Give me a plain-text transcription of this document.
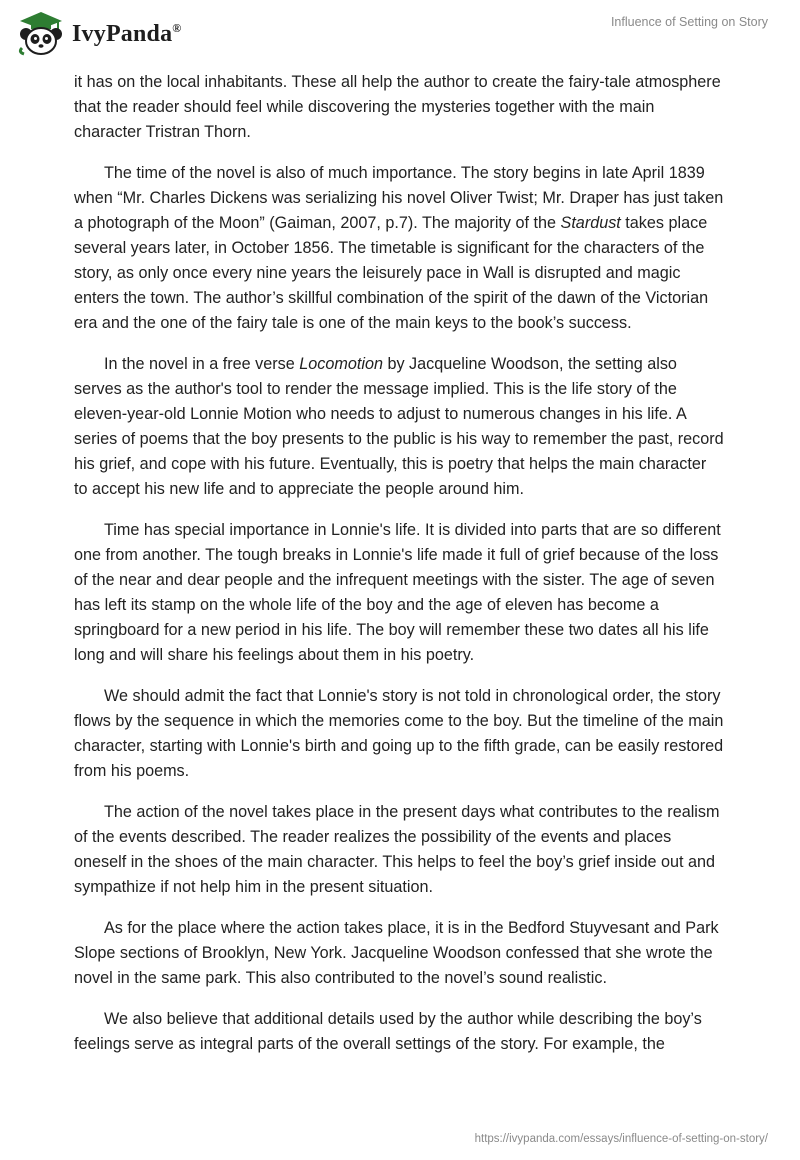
IvyPanda®	Influence of Setting on Story

it has on the local inhabitants. These all help the author to create the fairy-tale atmosphere that the reader should feel while discovering the mysteries together with the main character Tristran Thorn.

The time of the novel is also of much importance. The story begins in late April 1839 when “Mr. Charles Dickens was serializing his novel Oliver Twist; Mr. Draper has just taken a photograph of the Moon” (Gaiman, 2007, p.7). The majority of the Stardust takes place several years later, in October 1856. The timetable is significant for the characters of the story, as only once every nine years the leisurely pace in Wall is disrupted and magic enters the town. The author’s skillful combination of the spirit of the dawn of the Victorian era and the one of the fairy tale is one of the main keys to the book’s success.

In the novel in a free verse Locomotion by Jacqueline Woodson, the setting also serves as the author's tool to render the message implied. This is the life story of the eleven-year-old Lonnie Motion who needs to adjust to numerous changes in his life. A series of poems that the boy presents to the public is his way to remember the past, record his grief, and cope with his future. Eventually, this is poetry that helps the main character to accept his new life and to appreciate the people around him.

Time has special importance in Lonnie's life. It is divided into parts that are so different one from another. The tough breaks in Lonnie's life made it full of grief because of the loss of the near and dear people and the infrequent meetings with the sister. The age of seven has left its stamp on the whole life of the boy and the age of eleven has become a springboard for a new period in his life. The boy will remember these two dates all his life long and will share his feelings about them in his poetry.

We should admit the fact that Lonnie's story is not told in chronological order, the story flows by the sequence in which the memories come to the boy. But the timeline of the main character, starting with Lonnie's birth and going up to the fifth grade, can be easily restored from his poems.

The action of the novel takes place in the present days what contributes to the realism of the events described. The reader realizes the possibility of the events and places oneself in the shoes of the main character. This helps to feel the boy’s grief inside out and sympathize if not help him in the present situation.

As for the place where the action takes place, it is in the Bedford Stuyvesant and Park Slope sections of Brooklyn, New York. Jacqueline Woodson confessed that she wrote the novel in the same park. This also contributed to the novel’s sound realistic.

We also believe that additional details used by the author while describing the boy’s feelings serve as integral parts of the overall settings of the story. For example, the

https://ivypanda.com/essays/influence-of-setting-on-story/
